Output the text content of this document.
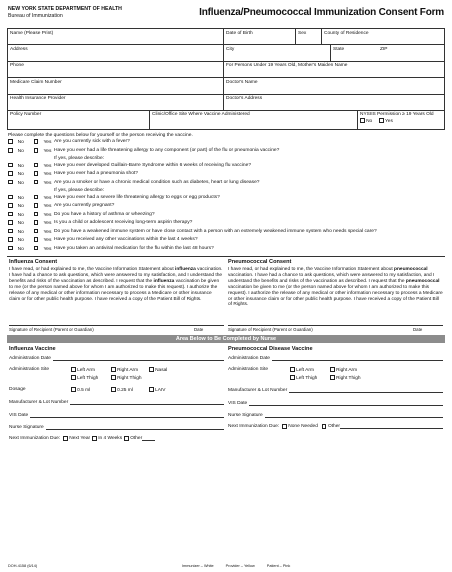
NEW YORK STATE DEPARTMENT OF HEALTH
Bureau of Immunization	Influenza/Pneumococcal Immunization Consent Form
Name (Please Print)	Date of Birth	Sex	County of Residence
Address	City	State	ZIP
Phone	For Persons Under 19 Years Old, Mother's Maiden Name
Medicare Claim Number	Doctor's Name
Health Insurance Provider	Doctor's Address
Policy Number	Clinic/Office Site Where Vaccine Administered	NYSIIS Permission ≥ 19 Years Old
No	Yes
Please complete the questions below for yourself or the person receiving the vaccine.
No	Yes Are you currently sick with a fever?
No	Yes Have you ever had a life threatening allergy to any component (or part) of the flu or pneumonia vaccine?
If yes, please describe:
No	Yes Have you ever developed Guillain-Barre Syndrome within 6 weeks of receiving flu vaccine?
No	Yes Have you ever had a pneumonia shot?
No	Yes Are you a smoker or have a chronic medical condition such as diabetes, heart or lung disease?
If yes, please describe:
No	Yes Have you ever had a severe life threatening allergy to eggs or egg products?
No	Yes Are you currently pregnant?
No	Yes Do you have a history of asthma or wheezing?
No	Yes Is you a child or adolescent receiving long-term aspirin therapy?
No	Yes Do you have a weakened immune system or have close contact with a person with an extremely weakened immune system who needs special care?
No	Yes Have you received any other vaccinations within the last 4 weeks?
No	Yes Have you taken an antiviral medication for the flu within the last 48 hours?
Influenza Consent
I have read, or had explained to me, the Vaccine Information Statement about influenza vaccination. I have had a chance to ask questions, which were answered to my satisfaction, and I understand the benefits and risks of the vaccination as described. I request that the influenza vaccination be given to me (or the person named above for whom I am authorized to make this request). I authorize the release of any medical or other information necessary to process a Medicare or other insurance claim or for other public health purpose. I have received a copy of the Patient Bill of Rights.
Pneumococcal Consent
I have read, or had explained to me, the Vaccine Information Statement about pneumococcal vaccination. I have had a chance to ask questions, which were answered to my satisfaction, and I understand the benefits and risks of the vaccination as described. I request that the pneumococcal vaccination be given to me (or the person named above for whom I am authorized to make this request). I authorize the release of any medical or other information necessary to process a Medicare or other insurance claim or for other public health purpose. I have received a copy of the Patient Bill of Rights.
Signature of Recipient (Parent or Guardian)	Date	Signature of Recipient (Parent or Guardian)	Date
Area Below to Be Completed by Nurse
Influenza Vaccine
Administration Date
Administration Site	Left Arm	Right Arm	Nasal
Left Thigh	Right Thigh
Dosage	0.5 ml	0.25 ml	LAIV
Manufacturer & Lot Number
VIS Date
Nurse Signature
Next Immunization Due: Next Year In 4 Weeks Other
Pneumococcal Disease Vaccine
Administration Date
Administration Site	Left Arm	Right Arm
Left Thigh	Right Thigh
Manufacturer & Lot Number
VIS Date
Nurse Signature
Next Immunization Due: None Needed Other
DOH-4158 (6/14)	Immunizer – White	Provider – Yellow	Patient – Pink
